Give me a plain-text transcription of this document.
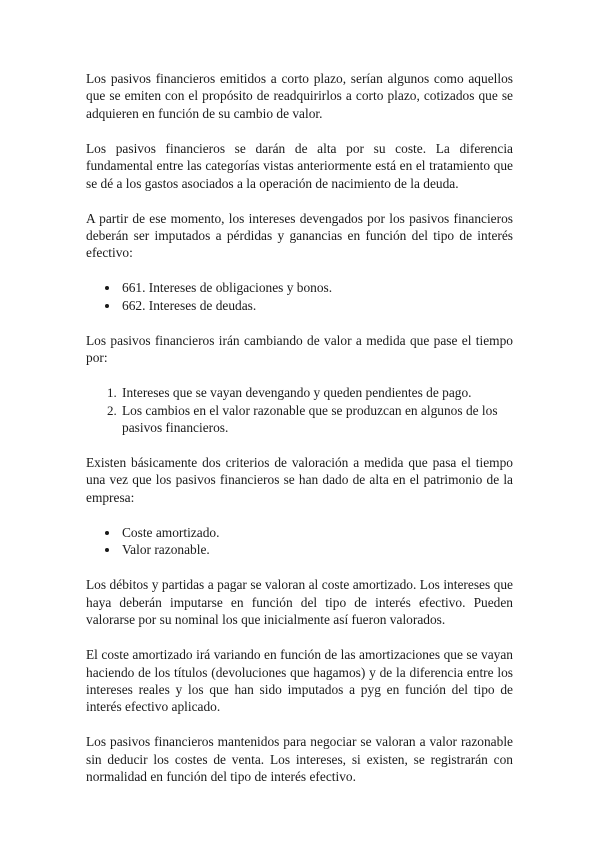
Los pasivos financieros emitidos a corto plazo, serían algunos como aquellos que se emiten con el propósito de readquirirlos a corto plazo, cotizados que se adquieren en función de su cambio de valor.

Los pasivos financieros se darán de alta por su coste. La diferencia fundamental entre las categorías vistas anteriormente está en el tratamiento que se dé a los gastos asociados a la operación de nacimiento de la deuda.

A partir de ese momento, los intereses devengados por los pasivos financieros deberán ser imputados a pérdidas y ganancias en función del tipo de interés efectivo:

• 661. Intereses de obligaciones y bonos.
• 662. Intereses de deudas.

Los pasivos financieros irán cambiando de valor a medida que pase el tiempo por:

1. Intereses que se vayan devengando y queden pendientes de pago.
2. Los cambios en el valor razonable que se produzcan en algunos de los pasivos financieros.

Existen básicamente dos criterios de valoración a medida que pasa el tiempo una vez que los pasivos financieros se han dado de alta en el patrimonio de la empresa:

• Coste amortizado.
• Valor razonable.

Los débitos y partidas a pagar se valoran al coste amortizado. Los intereses que haya deberán imputarse en función del tipo de interés efectivo. Pueden valorarse por su nominal los que inicialmente así fueron valorados.

El coste amortizado irá variando en función de las amortizaciones que se vayan haciendo de los títulos (devoluciones que hagamos) y de la diferencia entre los intereses reales y los que han sido imputados a pyg en función del tipo de interés efectivo aplicado.

Los pasivos financieros mantenidos para negociar se valoran a valor razonable sin deducir los costes de venta. Los intereses, si existen, se registrarán con normalidad en función del tipo de interés efectivo.
